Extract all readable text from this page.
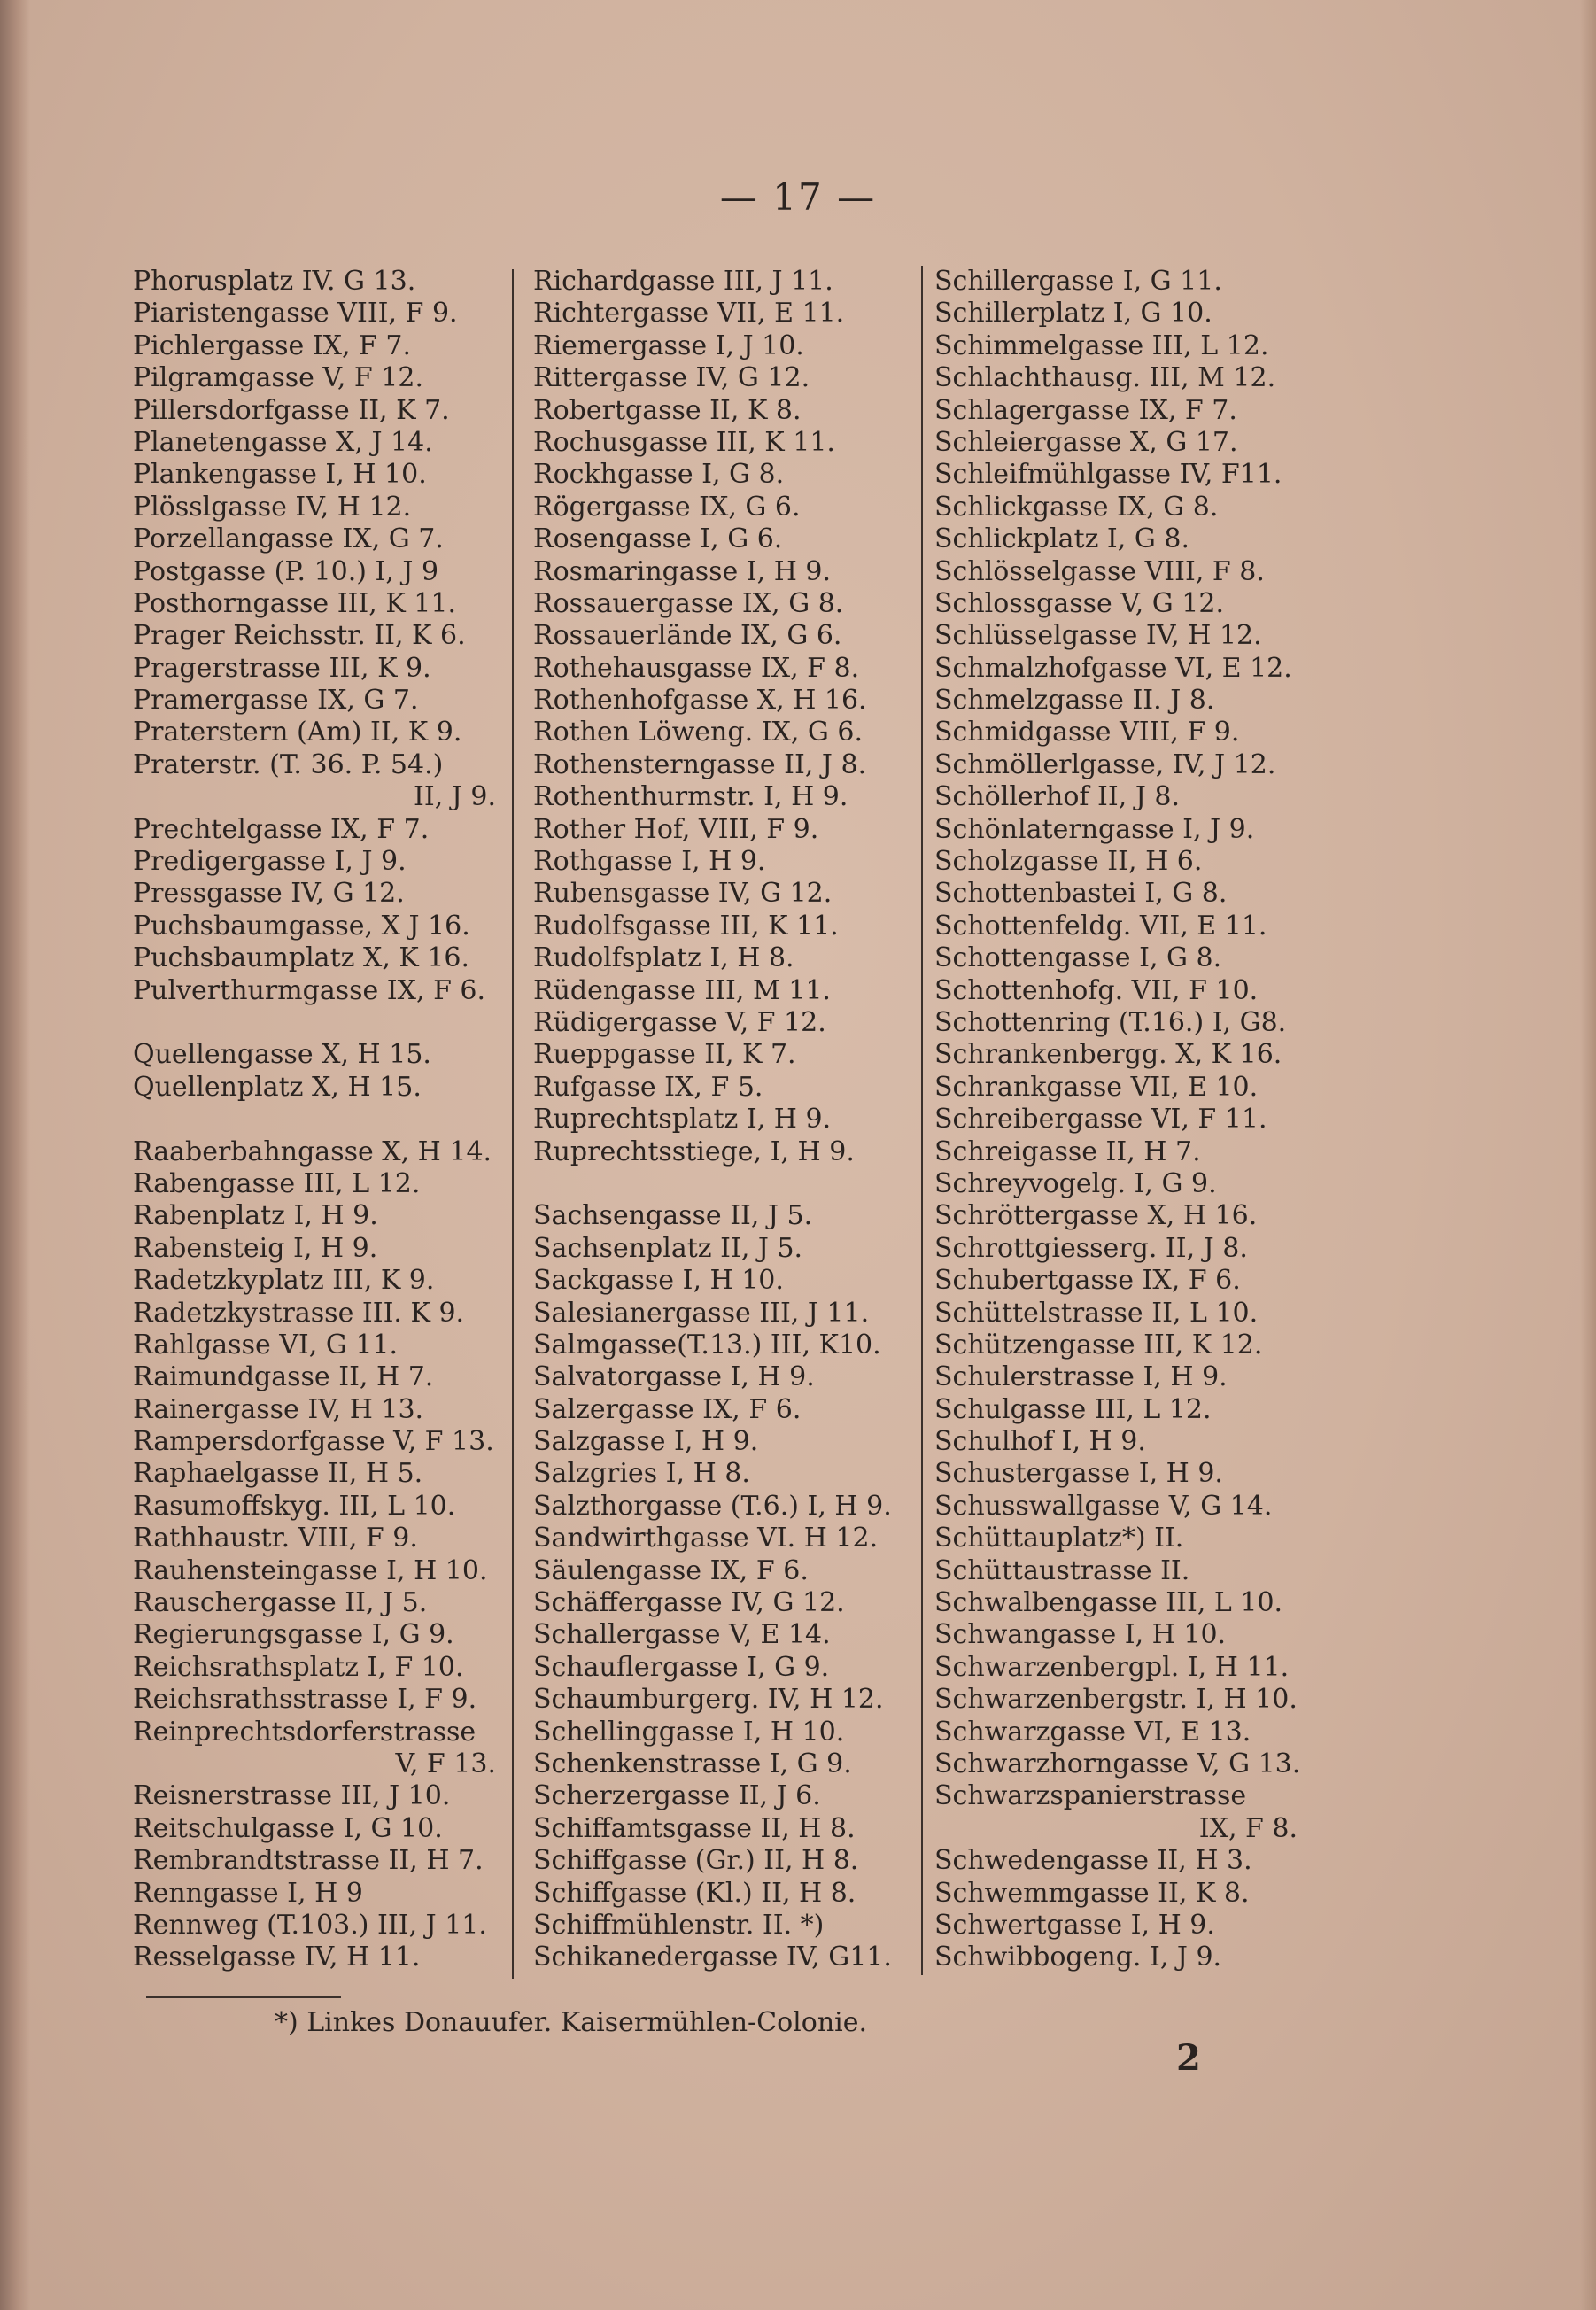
— 17 —
Phorusplatz IV. G 13.
Piaristengasse VIII, F 9.
Pichlergasse IX, F 7.
Pilgramgasse V, F 12.
Pillersdorfgasse II, K 7.
Planetengasse X, J 14.
Plankengasse I, H 10.
Plösslgasse IV, H 12.
Porzellangasse IX, G 7.
Postgasse (P. 10.) I, J 9
Posthorngasse III, K 11.
Prager Reichsstr. II, K 6.
Pragerstrasse III, K 9.
Pramergasse IX, G 7.
Praterstern (Am) II, K 9.
Praterstr. (T. 36. P. 54.)
II, J 9.
Prechtelgasse IX, F 7.
Predigergasse I, J 9.
Pressgasse IV, G 12.
Puchsbaumgasse, X J 16.
Puchsbaumplatz X, K 16.
Pulverthurmgasse IX, F 6.
Quellengasse X, H 15.
Quellenplatz X, H 15.
Raaberbahngasse X, H 14.
Rabengasse III, L 12.
Rabenplatz I, H 9.
Rabensteig I, H 9.
Radetzkyplatz III, K 9.
Radetzkystrasse III. K 9.
Rahlgasse VI, G 11.
Raimundgasse II, H 7.
Rainergasse IV, H 13.
Rampersdorfgasse V, F 13.
Raphaelgasse II, H 5.
Rasumoffskyg. III, L 10.
Rathhaustr. VIII, F 9.
Rauhensteingasse I, H 10.
Rauschergasse II, J 5.
Regierungsgasse I, G 9.
Reichsrathsplatz I, F 10.
Reichsrathsstrasse I, F 9.
Reinprechtsdorferstrasse
V, F 13.
Reisnerstrasse III, J 10.
Reitschulgasse I, G 10.
Rembrandtstrasse II, H 7.
Renngasse I, H 9
Rennweg (T.103.) III, J 11.
Resselgasse IV, H 11.
Richardgasse III, J 11.
Richtergasse VII, E 11.
Riemergasse I, J 10.
Rittergasse IV, G 12.
Robertgasse II, K 8.
Rochusgasse III, K 11.
Rockhgasse I, G 8.
Rögergasse IX, G 6.
Rosengasse I, G 6.
Rosmaringasse I, H 9.
Rossauergasse IX, G 8.
Rossauerlände IX, G 6.
Rothehausgasse IX, F 8.
Rothenhofgasse X, H 16.
Rothen Löweng. IX, G 6.
Rothensterngasse II, J 8.
Rothenthurmstr. I, H 9.
Rother Hof, VIII, F 9.
Rothgasse I, H 9.
Rubensgasse IV, G 12.
Rudolfsgasse III, K 11.
Rudolfsplatz I, H 8.
Rüdengasse III, M 11.
Rüdigergasse V, F 12.
Rueppgasse II, K 7.
Rufgasse IX, F 5.
Ruprechtsplatz I, H 9.
Ruprechtsstiege, I, H 9.
Sachsengasse II, J 5.
Sachsenplatz II, J 5.
Sackgasse I, H 10.
Salesianergasse III, J 11.
Salmgasse(T.13.) III, K10.
Salvatorgasse I, H 9.
Salzergasse IX, F 6.
Salzgasse I, H 9.
Salzgries I, H 8.
Salzthorgasse (T.6.) I, H 9.
Sandwirthgasse VI. H 12.
Säulengasse IX, F 6.
Schäffergasse IV, G 12.
Schallergasse V, E 14.
Schauflergasse I, G 9.
Schaumburgerg. IV, H 12.
Schellinggasse I, H 10.
Schenkenstrasse I, G 9.
Scherzergasse II, J 6.
Schiffamtsgasse II, H 8.
Schiffgasse (Gr.) II, H 8.
Schiffgasse (Kl.) II, H 8.
Schiffmühlenstr. II. *)
Schikanedergasse IV, G11.
Schillergasse I, G 11.
Schillerplatz I, G 10.
Schimmelgasse III, L 12.
Schlachthausg. III, M 12.
Schlagergasse IX, F 7.
Schleiergasse X, G 17.
Schleifmühlgasse IV, F11.
Schlickgasse IX, G 8.
Schlickplatz I, G 8.
Schlösselgasse VIII, F 8.
Schlossgasse V, G 12.
Schlüsselgasse IV, H 12.
Schmalzhofgasse VI, E 12.
Schmelzgasse II. J 8.
Schmidgasse VIII, F 9.
Schmöllerlgasse, IV, J 12.
Schöllerhof II, J 8.
Schönlaterngasse I, J 9.
Scholzgasse II, H 6.
Schottenbastei I, G 8.
Schottenfeldg. VII, E 11.
Schottengasse I, G 8.
Schottenhofg. VII, F 10.
Schottenring (T.16.) I, G8.
Schrankenbergg. X, K 16.
Schrankgasse VII, E 10.
Schreibergasse VI, F 11.
Schreigasse II, H 7.
Schreyvogelg. I, G 9.
Schröttergasse X, H 16.
Schrottgiesserg. II, J 8.
Schubertgasse IX, F 6.
Schüttelstrasse II, L 10.
Schützengasse III, K 12.
Schulerstrasse I, H 9.
Schulgasse III, L 12.
Schulhof I, H 9.
Schustergasse I, H 9.
Schusswallgasse V, G 14.
Schüttauplatz*) II.
Schüttaustrasse II.
Schwalbengasse III, L 10.
Schwangasse I, H 10.
Schwarzenbergpl. I, H 11.
Schwarzenbergstr. I, H 10.
Schwarzgasse VI, E 13.
Schwarzhorngasse V, G 13.
Schwarzspanierstrasse
IX, F 8.
Schwedengasse II, H 3.
Schwemmgasse II, K 8.
Schwertgasse I, H 9.
Schwibbogeng. I, J 9.
*) Linkes Donauufer. Kaisermühlen-Colonie.
2
